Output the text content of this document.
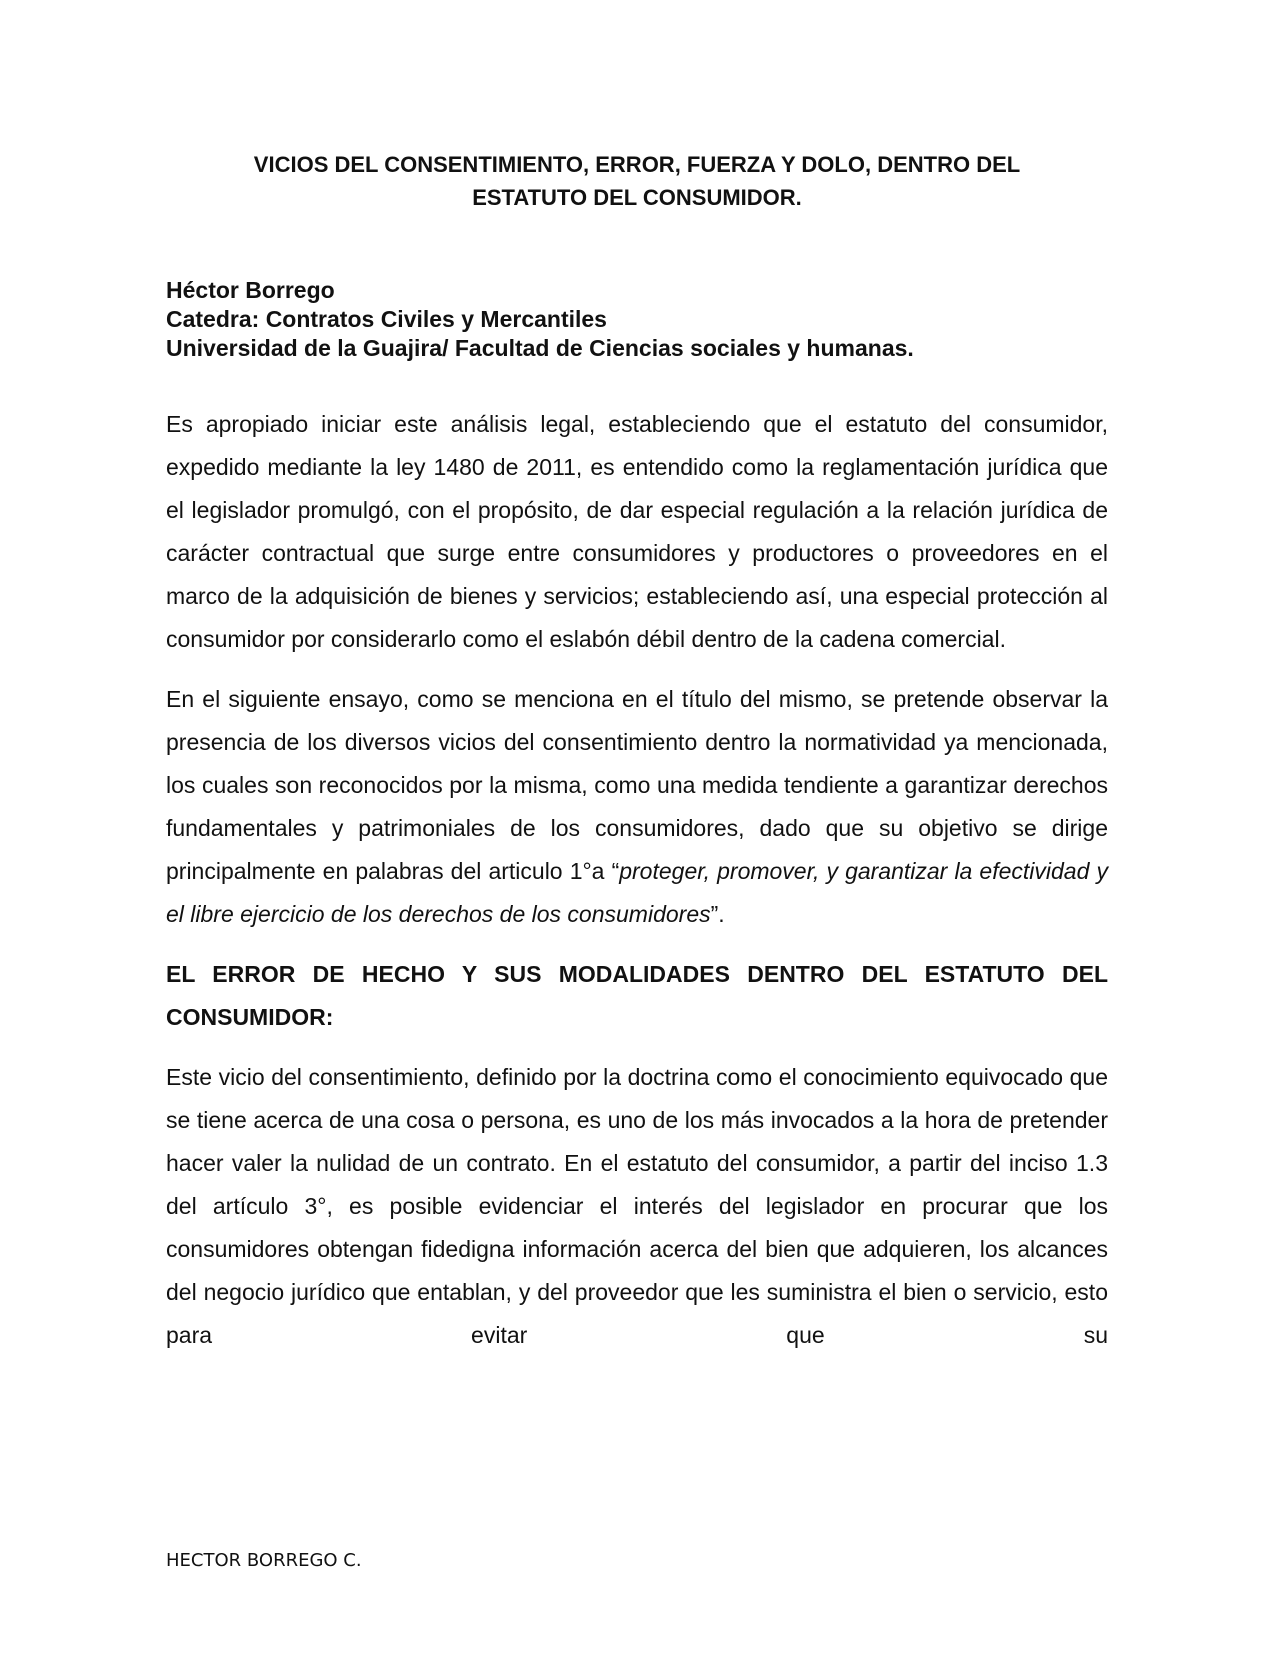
VICIOS DEL CONSENTIMIENTO, ERROR, FUERZA Y DOLO, DENTRO DEL
ESTATUTO DEL CONSUMIDOR.
Héctor Borrego
Catedra: Contratos Civiles y Mercantiles
Universidad de la Guajira/ Facultad de Ciencias sociales y humanas.

Es apropiado iniciar este análisis legal, estableciendo que el estatuto del consumidor, expedido mediante la ley 1480 de 2011, es entendido como la reglamentación jurídica que el legislador promulgó, con el propósito, de dar especial regulación a la relación jurídica de carácter contractual que surge entre consumidores y productores o proveedores en el marco de la adquisición de bienes y servicios; estableciendo así, una especial protección al consumidor por considerarlo como el eslabón débil dentro de la cadena comercial.

En el siguiente ensayo, como se menciona en el título del mismo, se pretende observar la presencia de los diversos vicios del consentimiento dentro la normatividad ya mencionada, los cuales son reconocidos por la misma, como una medida tendiente a garantizar derechos fundamentales y patrimoniales de los consumidores, dado que su objetivo se dirige principalmente en palabras del articulo 1°a “proteger, promover, y garantizar la efectividad y el libre ejercicio de los derechos de los consumidores”.

EL ERROR DE HECHO Y SUS MODALIDADES DENTRO DEL ESTATUTO DEL CONSUMIDOR:

Este vicio del consentimiento, definido por la doctrina como el conocimiento equivocado que se tiene acerca de una cosa o persona, es uno de los más invocados a la hora de pretender hacer valer la nulidad de un contrato. En el estatuto del consumidor, a partir del inciso 1.3 del artículo 3°, es posible evidenciar el interés del legislador en procurar que los consumidores obtengan fidedigna información acerca del bien que adquieren, los alcances del negocio jurídico que entablan, y del proveedor que les suministra el bien o servicio, esto para evitar que su

HECTOR BORREGO C.
